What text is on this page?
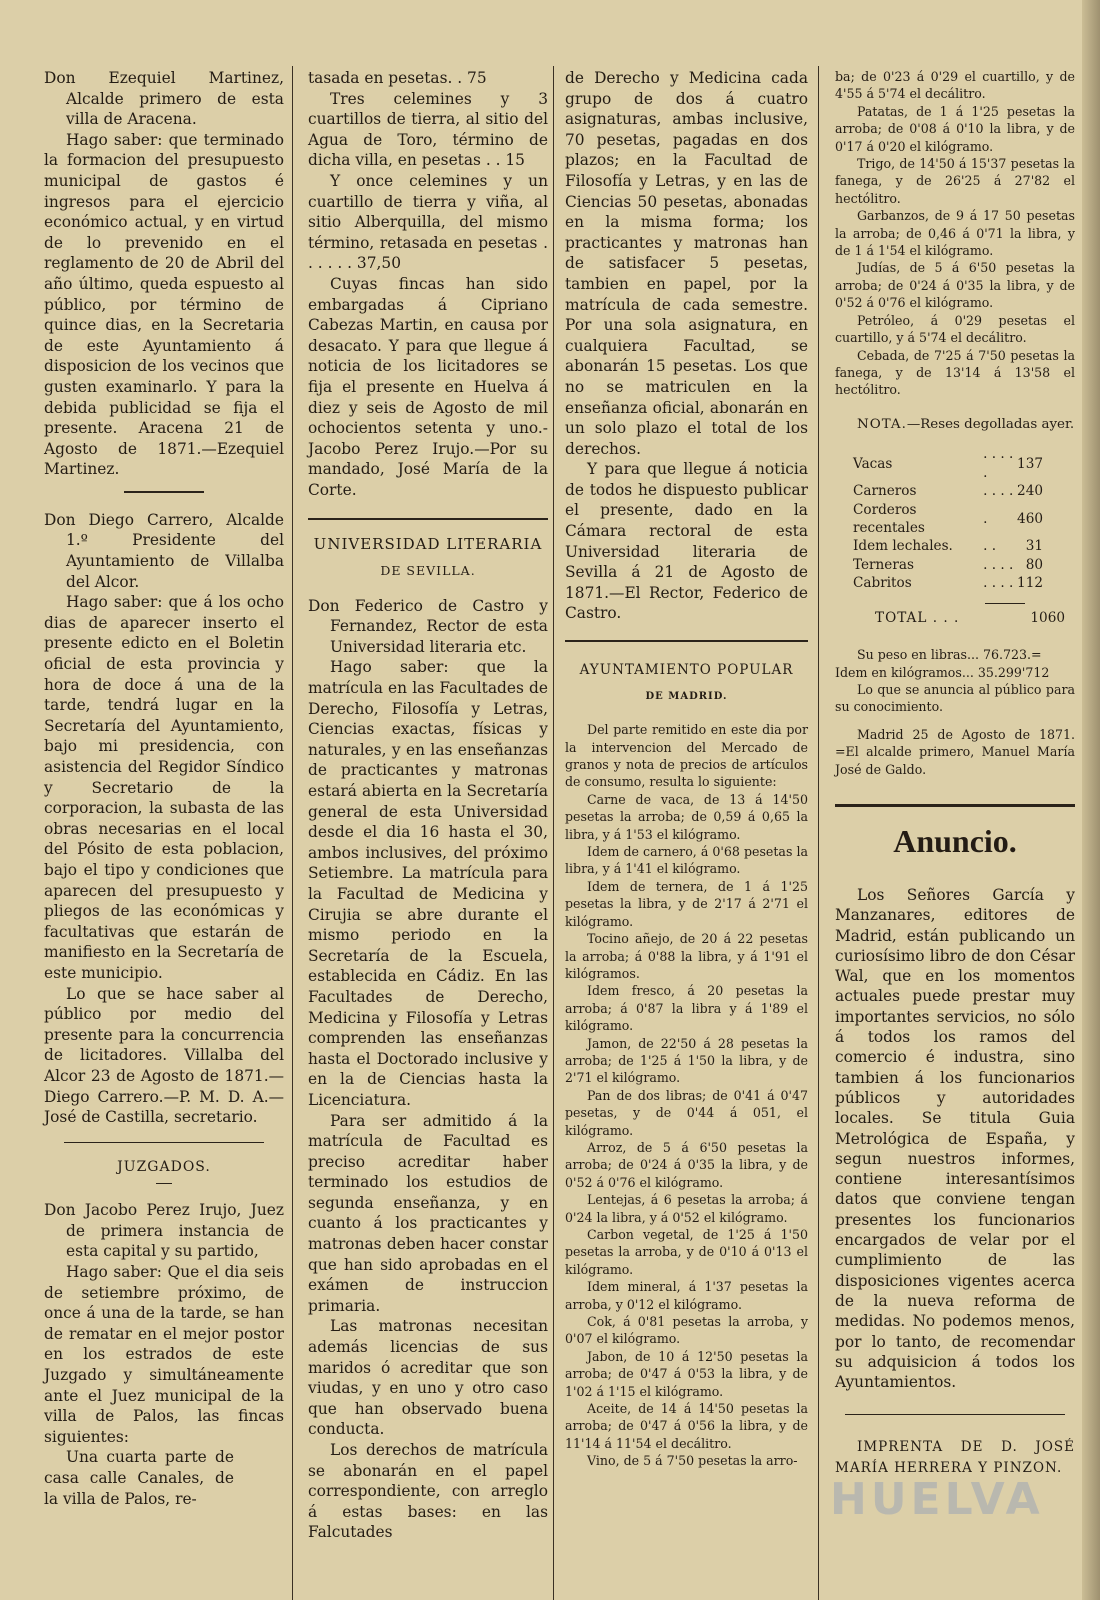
Don Ezequiel Martinez, Alcalde primero de esta villa de Aracena.

Hago saber: que terminado la formacion del presupuesto municipal de gastos é ingresos para el ejercicio económico actual, y en virtud de lo prevenido en el reglamento de 20 de Abril del año último, queda espuesto al público, por término de quince dias, en la Secretaria de este Ayuntamiento á disposicion de los vecinos que gusten examinarlo. Y para la debida publicidad se fija el presente. Aracena 21 de Agosto de 1871.—Ezequiel Martinez.

Don Diego Carrero, Alcalde 1.º Presidente del Ayuntamiento de Villalba del Alcor.

Hago saber: que á los ocho dias de aparecer inserto el presente edicto en el Boletin oficial de esta provincia y hora de doce á una de la tarde, tendrá lugar en la Secretaría del Ayuntamiento, bajo mi presidencia, con asistencia del Regidor Síndico y Secretario de la corporacion, la subasta de las obras necesarias en el local del Pósito de esta poblacion, bajo el tipo y condiciones que aparecen del presupuesto y pliegos de las económicas y facultativas que estarán de manifiesto en la Secretaría de este municipio.

Lo que se hace saber al público por medio del presente para la concurrencia de licitadores. Villalba del Alcor 23 de Agosto de 1871.—Diego Carrero.—P. M. D. A.—José de Castilla, secretario.

JUZGADOS.

Don Jacobo Perez Irujo, Juez de primera instancia de esta capital y su partido,

Hago saber: Que el dia seis de setiembre próximo, de once á una de la tarde, se han de rematar en el mejor postor en los estrados de este Juzgado y simultáneamente ante el Juez municipal de la villa de Palos, las fincas siguientes:

Una cuarta parte de casa calle Canales, de la villa de Palos, re-

tasada en pesetas. . 75

Tres celemines y 3 cuartillos de tierra, al sitio del Agua de Toro, término de dicha villa, en pesetas . . 15

Y once celemines y un cuartillo de tierra y viña, al sitio Alberquilla, del mismo término, retasada en pesetas . . . . . . 37,50

Cuyas fincas han sido embargadas á Cipriano Cabezas Martin, en causa por desacato. Y para que llegue á noticia de los licitadores se fija el presente en Huelva á diez y seis de Agosto de mil ochocientos setenta y uno.-Jacobo Perez Irujo.—Por su mandado, José María de la Corte.

UNIVERSIDAD LITERARIA
DE SEVILLA.

Don Federico de Castro y Fernandez, Rector de esta Universidad literaria etc.

Hago saber: que la matrícula en las Facultades de Derecho, Filosofía y Letras, Ciencias exactas, físicas y naturales, y en las enseñanzas de practicantes y matronas estará abierta en la Secretaría general de esta Universidad desde el dia 16 hasta el 30, ambos inclusives, del próximo Setiembre. La matrícula para la Facultad de Medicina y Cirujia se abre durante el mismo periodo en la Secretaría de la Escuela, establecida en Cádiz. En las Facultades de Derecho, Medicina y Filosofía y Letras comprenden las enseñanzas hasta el Doctorado inclusive y en la de Ciencias hasta la Licenciatura.

Para ser admitido á la matrícula de Facultad es preciso acreditar haber terminado los estudios de segunda enseñanza, y en cuanto á los practicantes y matronas deben hacer constar que han sido aprobadas en el exámen de instruccion primaria.

Las matronas necesitan además licencias de sus maridos ó acreditar que son viudas, y en uno y otro caso que han observado buena conducta.

Los derechos de matrícula se abonarán en el papel correspondiente, con arreglo á estas bases: en las Falcutades

de Derecho y Medicina cada grupo de dos á cuatro asignaturas, ambas inclusive, 70 pesetas, pagadas en dos plazos; en la Facultad de Filosofía y Letras, y en las de Ciencias 50 pesetas, abonadas en la misma forma; los practicantes y matronas han de satisfacer 5 pesetas, tambien en papel, por la matrícula de cada semestre. Por una sola asignatura, en cualquiera Facultad, se abonarán 15 pesetas. Los que no se matriculen en la enseñanza oficial, abonarán en un solo plazo el total de los derechos.

Y para que llegue á noticia de todos he dispuesto publicar el presente, dado en la Cámara rectoral de esta Universidad literaria de Sevilla á 21 de Agosto de 1871.—El Rector, Federico de Castro.

AYUNTAMIENTO POPULAR
DE MADRID.

Del parte remitido en este dia por la intervencion del Mercado de granos y nota de precios de artículos de consumo, resulta lo siguiente:

Carne de vaca, de 13 á 14'50 pesetas la arroba; de 0,59 á 0,65 la libra, y á 1'53 el kilógramo.

Idem de carnero, á 0'68 pesetas la libra, y á 1'41 el kilógramo.

Idem de ternera, de 1 á 1'25 pesetas la libra, y de 2'17 á 2'71 el kilógramo.

Tocino añejo, de 20 á 22 pesetas la arroba; á 0'88 la libra, y á 1'91 el kilógramos.

Idem fresco, á 20 pesetas la arroba; á 0'87 la libra y á 1'89 el kilógramo.

Jamon, de 22'50 á 28 pesetas la arroba; de 1'25 á 1'50 la libra, y de 2'71 el kilógramo.

Pan de dos libras; de 0'41 á 0'47 pesetas, y de 0'44 á 051, el kilógramo.

Arroz, de 5 á 6'50 pesetas la arroba; de 0'24 á 0'35 la libra, y de 0'52 á 0'76 el kilógramo.

Lentejas, á 6 pesetas la arroba; á 0'24 la libra, y á 0'52 el kilógramo.

Carbon vegetal, de 1'25 á 1'50 pesetas la arroba, y de 0'10 á 0'13 el kilógramo.

Idem mineral, á 1'37 pesetas la arroba, y 0'12 el kilógramo.

Cok, á 0'81 pesetas la arroba, y 0'07 el kilógramo.

Jabon, de 10 á 12'50 pesetas la arroba; de 0'47 á 0'53 la libra, y de 1'02 á 1'15 el kilógramo.

Aceite, de 14 á 14'50 pesetas la arroba; de 0'47 á 0'56 la libra, y de 11'14 á 11'54 el decálitro.

Vino, de 5 á 7'50 pesetas la arro-

ba; de 0'23 á 0'29 el cuartillo, y de 4'55 á 5'74 el decálitro.

Patatas, de 1 á 1'25 pesetas la arroba; de 0'08 á 0'10 la libra, y de 0'17 á 0'20 el kilógramo.

Trigo, de 14'50 á 15'37 pesetas la fanega, y de 26'25 á 27'82 el hectólitro.

Garbanzos, de 9 á 17 50 pesetas la arroba; de 0,46 á 0'71 la libra, y de 1 á 1'54 el kilógramo.

Judías, de 5 á 6'50 pesetas la arroba; de 0'24 á 0'35 la libra, y de 0'52 á 0'76 el kilógramo.

Petróleo, á 0'29 pesetas el cuartillo, y á 5'74 el decálitro.

Cebada, de 7'25 á 7'50 pesetas la fanega, y de 13'14 á 13'58 el hectólitro.

NOTA.—Reses degolladas ayer.

Vacas	. . . . .	137
Carneros	. . . .	240
Corderos recentales	.	460
Idem lechales.	. .	31
Terneras	. . . .	80
Cabritos	. . . .	112
TOTAL . . .	1060

Su peso en libras... 76.723.=

Idem en kilógramos... 35.299'712

Lo que se anuncia al público para su conocimiento.

Madrid 25 de Agosto de 1871. =El alcalde primero, Manuel María José de Galdo.

Anuncio.

Los Señores García y Manzanares, editores de Madrid, están publicando un curiosísimo libro de don César Wal, que en los momentos actuales puede prestar muy importantes servicios, no sólo á todos los ramos del comercio é industra, sino tambien á los funcionarios públicos y autoridades locales. Se titula Guia Metrológica de España, y segun nuestros informes, contiene interesantísimos datos que conviene tengan presentes los funcionarios encargados de velar por el cumplimiento de las disposiciones vigentes acerca de la nueva reforma de medidas. No podemos menos, por lo tanto, de recomendar su adquisicion á todos los Ayuntamientos.

IMPRENTA DE D. JOSÉ MARÍA HERRERA Y PINZON.

HUELVA
